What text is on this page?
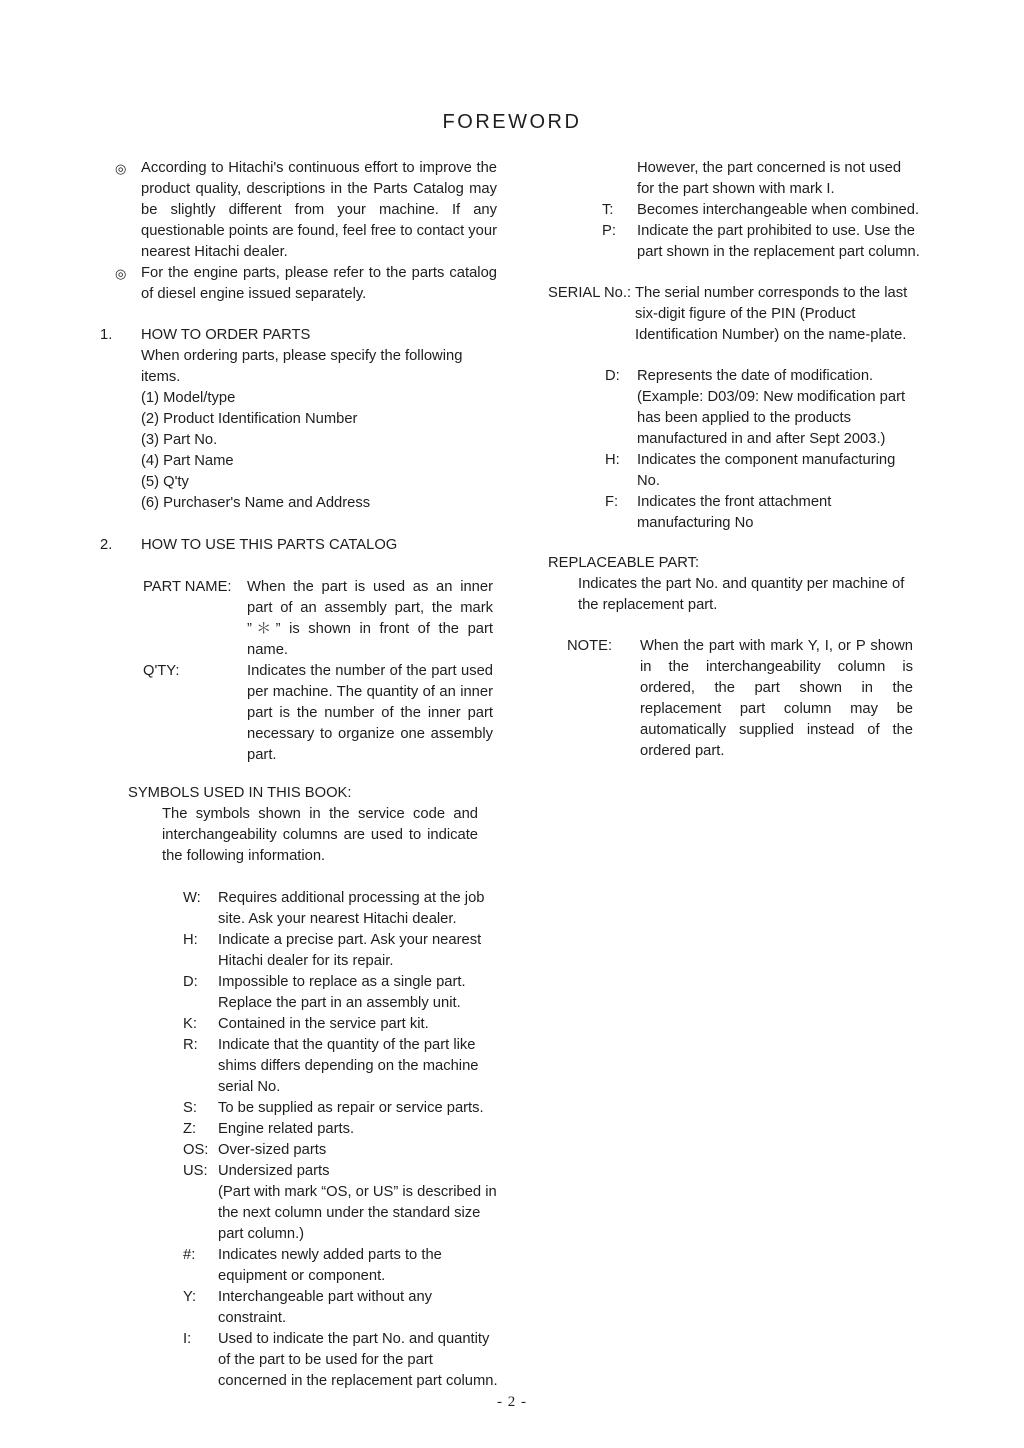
FOREWORD
◎ According to Hitachi's continuous effort to improve the product quality, descriptions in the Parts Catalog may be slightly different from your machine. If any questionable points are found, feel free to contact your nearest Hitachi dealer.

◎ For the engine parts, please refer to the parts catalog of diesel engine issued separately.

1.	HOW TO ORDER PARTS

When ordering parts, please specify the following items.

(1) Model/type

(2) Product Identification Number

(3) Part No.

(4) Part Name

(5) Q'ty

(6) Purchaser's Name and Address

2.	HOW TO USE THIS PARTS CATALOG
PART NAME:	When the part is used as an inner part of an assembly part, the mark ”＊” is shown in front of the part name.
Q'TY:	Indicates the number of the part used per machine. The quantity of an inner part is the number of the inner part necessary to organize one assembly part.
SYMBOLS USED IN THIS BOOK:

The symbols shown in the service code and interchangeability columns are used to indicate the following information.

W:	Requires additional processing at the job site. Ask your nearest Hitachi dealer.
H:	Indicate a precise part. Ask your nearest Hitachi dealer for its repair.
D:	Impossible to replace as a single part. Replace the part in an assembly unit.
K:	Contained in the service part kit.
R:	Indicate that the quantity of the part like shims differs depending on the machine serial No.
S:	To be supplied as repair or service parts.
Z:	Engine related parts.
OS: Over-sized parts
US: Undersized parts
(Part with mark “OS, or US” is described in the next column under the standard size part column.)
#:	Indicates newly added parts to the equipment or component.
Y:	Interchangeable part without any constraint.
I:	Used to indicate the part No. and quantity of the part to be used for the part concerned in the replacement part column.

However, the part concerned is not used for the part shown with mark I.

T:	Becomes interchangeable when combined.
P:	Indicate the part prohibited to use. Use the part shown in the replacement part column.
SERIAL No.: The serial number corresponds to the last six-digit figure of the PIN (Product Identification Number) on the name-plate.
D:	Represents the date of modification. (Example: D03/09: New modification part has been applied to the products manufactured in and after Sept 2003.)
H:	Indicates the component manufacturing No.
F:	Indicates the front attachment manufacturing No
REPLACEABLE PART:

Indicates the part No. and quantity per machine of the replacement part.

NOTE:	When the part with mark Y, I, or P shown in the interchangeability column is ordered, the part shown in the replacement part column may be automatically supplied instead of the ordered part.
- 2 -
